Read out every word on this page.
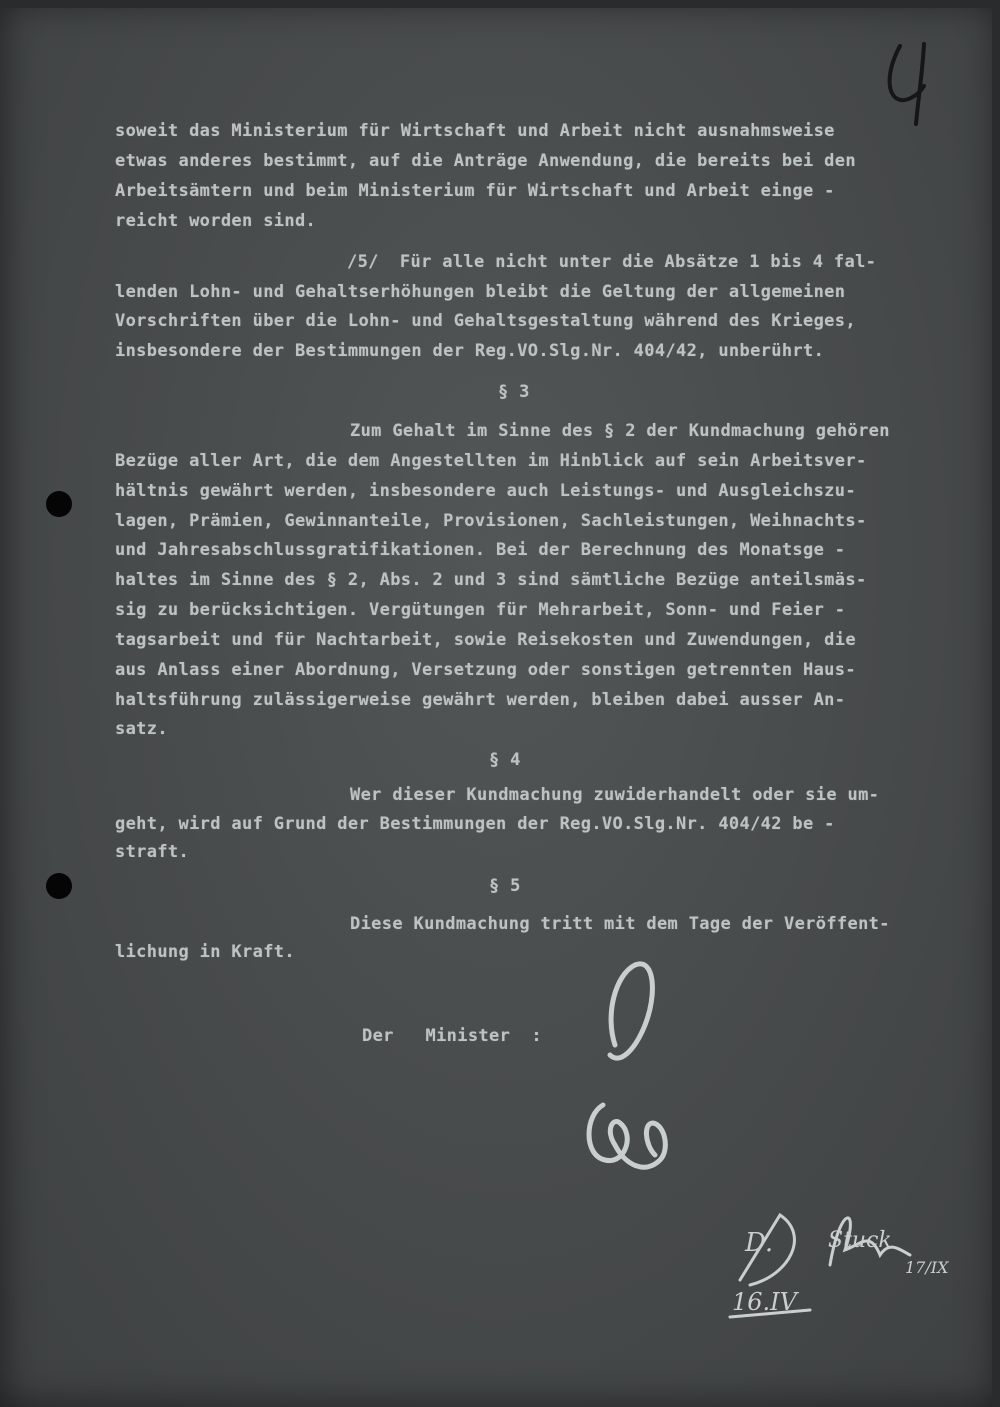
soweit das Ministerium für Wirtschaft und Arbeit nicht ausnahmsweise
etwas anderes bestimmt, auf die Anträge Anwendung, die bereits bei den
Arbeitsämtern und beim Ministerium für Wirtschaft und Arbeit einge -
reicht worden sind.
/5/  Für alle nicht unter die Absätze 1 bis 4 fal-
lenden Lohn- und Gehaltserhöhungen bleibt die Geltung der allgemeinen
Vorschriften über die Lohn- und Gehaltsgestaltung während des Krieges,
insbesondere der Bestimmungen der Reg.VO.Slg.Nr. 404/42, unberührt.
§ 3
Zum Gehalt im Sinne des § 2 der Kundmachung gehören
Bezüge aller Art, die dem Angestellten im Hinblick auf sein Arbeitsver-
hältnis gewährt werden, insbesondere auch Leistungs- und Ausgleichszu-
lagen, Prämien, Gewinnanteile, Provisionen, Sachleistungen, Weihnachts-
und Jahresabschlussgratifikationen. Bei der Berechnung des Monatsge -
haltes im Sinne des § 2, Abs. 2 und 3 sind sämtliche Bezüge anteilsmäs-
sig zu berücksichtigen. Vergütungen für Mehrarbeit, Sonn- und Feier -
tagsarbeit und für Nachtarbeit, sowie Reisekosten und Zuwendungen, die
aus Anlass einer Abordnung, Versetzung oder sonstigen getrennten Haus-
haltsführung zulässigerweise gewährt werden, bleiben dabei ausser An-
satz.
§ 4
Wer dieser Kundmachung zuwiderhandelt oder sie um-
geht, wird auf Grund der Bestimmungen der Reg.VO.Slg.Nr. 404/42 be -
straft.
§ 5
Diese Kundmachung tritt mit dem Tage der Veröffent-
lichung in Kraft.
Der   Minister  :
D. Stuck
17/IX
16.IV
